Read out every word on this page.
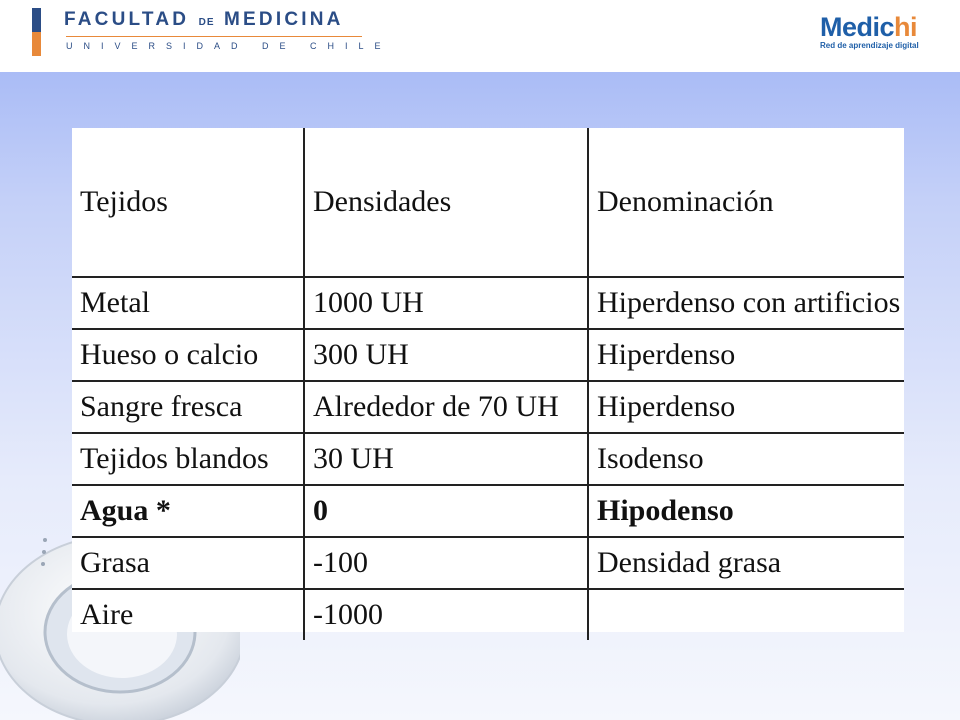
FACULTAD DE MEDICINA
UNIVERSIDAD DE CHILE
Medichi
Red de aprendizaje digital
Tejidos	Densidades	Denominación
Metal	1000 UH	Hiperdenso con artificios
Hueso o calcio	300 UH	Hiperdenso
Sangre fresca	Alrededor de 70 UH	Hiperdenso
Tejidos blandos	30 UH	Isodenso
Agua *	0	Hipodenso
Grasa	-100	Densidad grasa
Aire	-1000	
